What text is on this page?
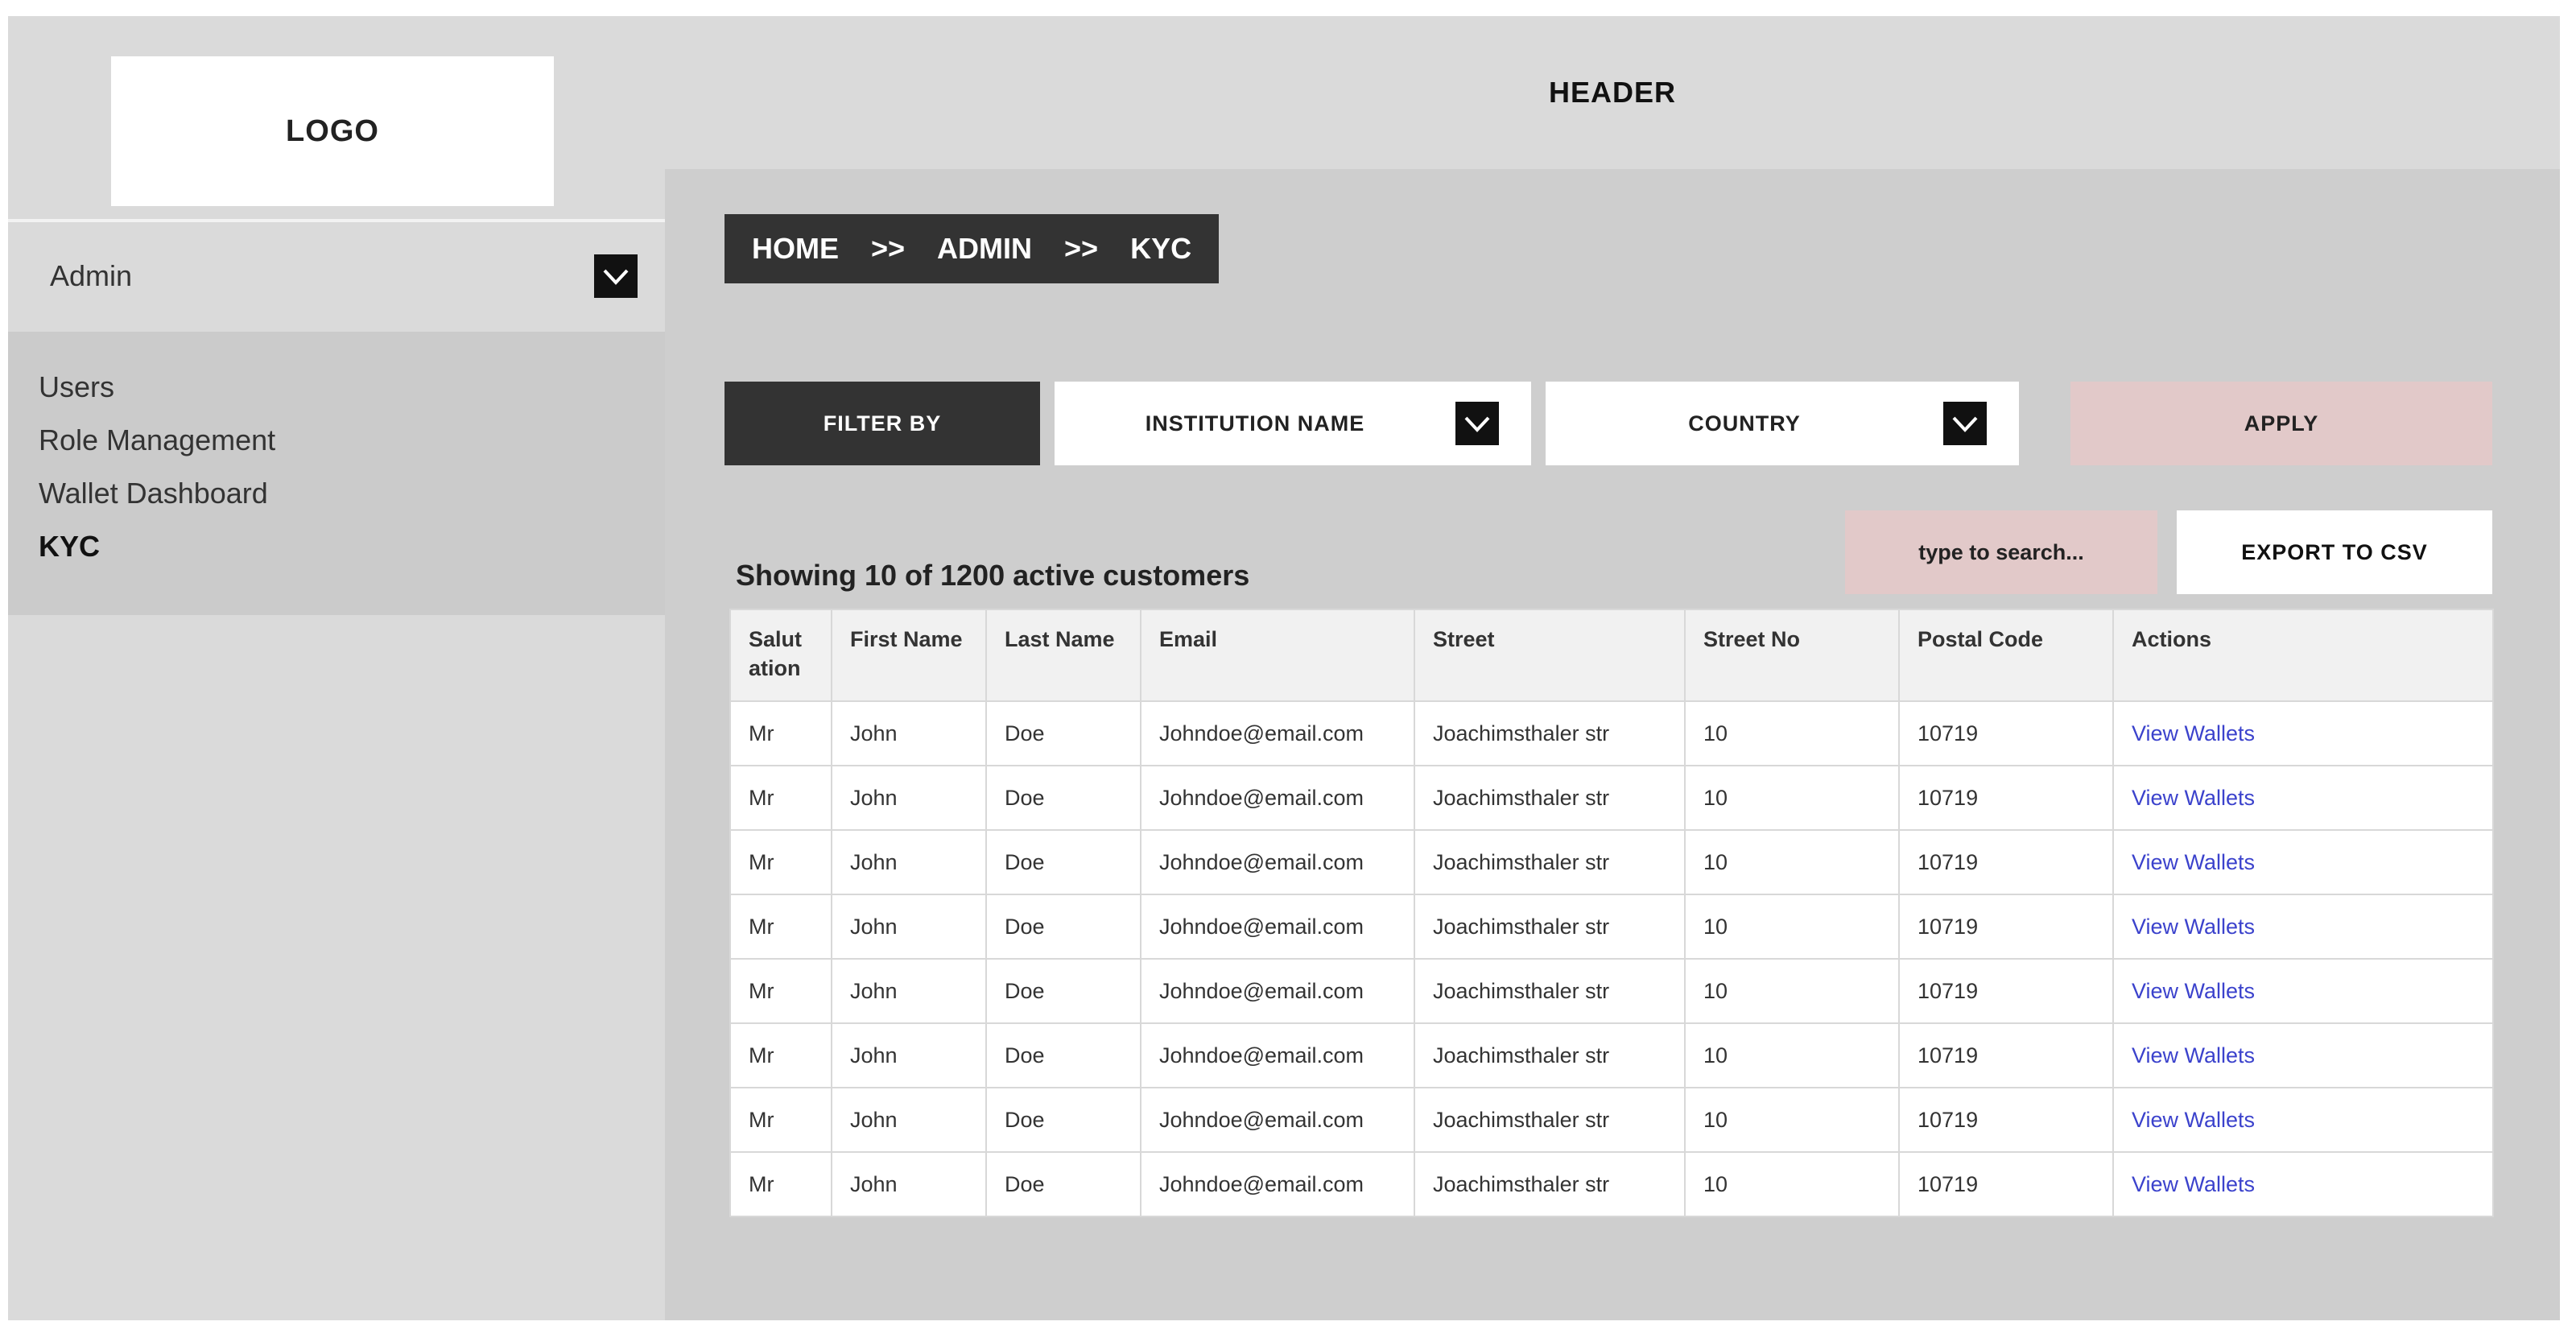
LOGO
Admin
Users
Role Management
Wallet Dashboard
KYC
HEADER
HOME >> ADMIN >> KYC
FILTER BY	INSTITUTION NAME	COUNTRY	APPLY
type to search...
EXPORT TO CSV
Showing 10 of 1200 active customers
Salut ation	First Name	Last Name	Email	Street	Street No	Postal Code	Actions
Mr	John	Doe	Johndoe@email.com	Joachimsthaler str	10	10719	View Wallets
Mr	John	Doe	Johndoe@email.com	Joachimsthaler str	10	10719	View Wallets
Mr	John	Doe	Johndoe@email.com	Joachimsthaler str	10	10719	View Wallets
Mr	John	Doe	Johndoe@email.com	Joachimsthaler str	10	10719	View Wallets
Mr	John	Doe	Johndoe@email.com	Joachimsthaler str	10	10719	View Wallets
Mr	John	Doe	Johndoe@email.com	Joachimsthaler str	10	10719	View Wallets
Mr	John	Doe	Johndoe@email.com	Joachimsthaler str	10	10719	View Wallets
Mr	John	Doe	Johndoe@email.com	Joachimsthaler str	10	10719	View Wallets
